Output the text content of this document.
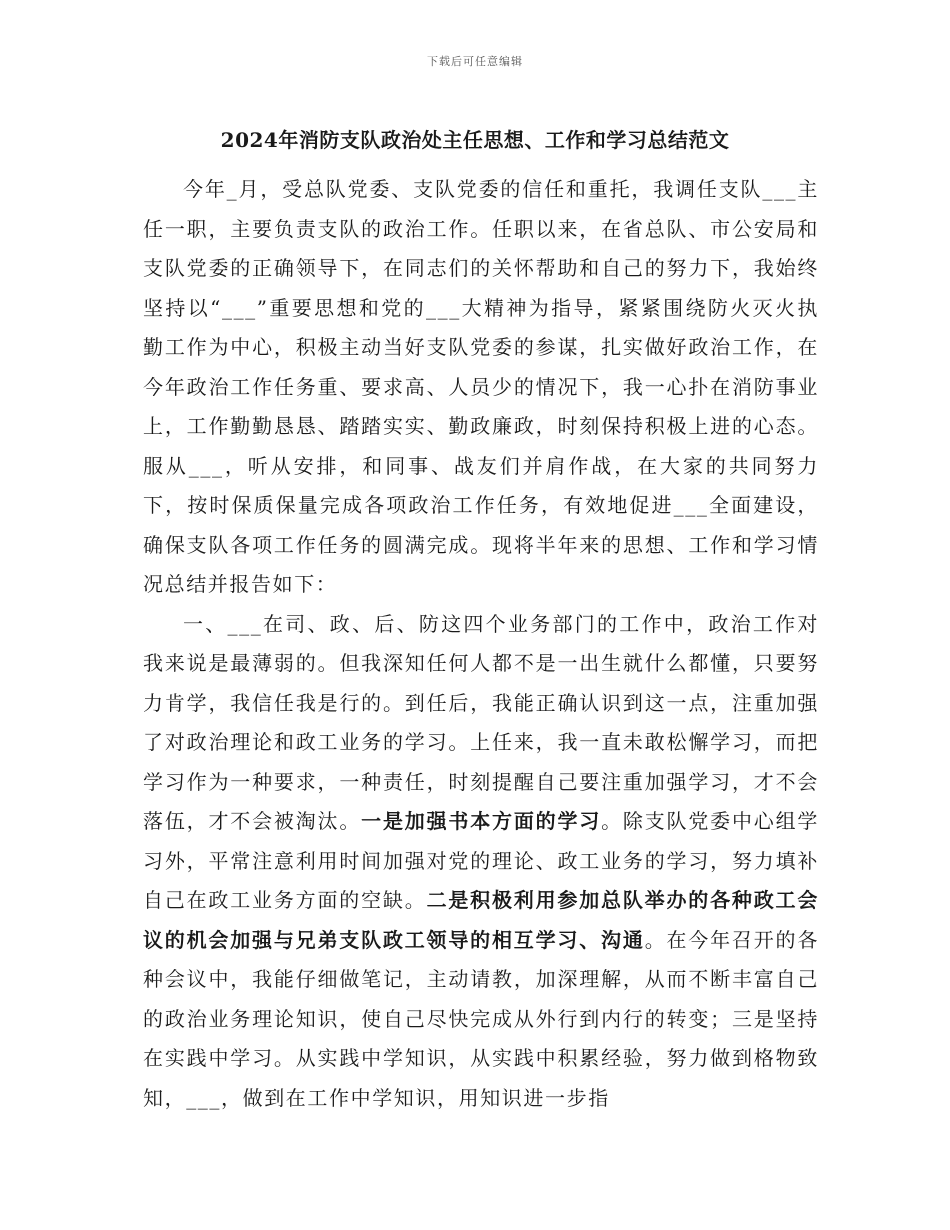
下载后可任意编辑
2024年消防支队政治处主任思想、工作和学习总结范文

今年_月，受总队党委、支队党委的信任和重托，我调任支队___主任一职，主要负责支队的政治工作。任职以来，在省总队、市公安局和支队党委的正确领导下，在同志们的关怀帮助和自己的努力下，我始终坚持以“___”重要思想和党的___大精神为指导，紧紧围绕防火灭火执勤工作为中心，积极主动当好支队党委的参谋，扎实做好政治工作，在今年政治工作任务重、要求高、人员少的情况下，我一心扑在消防事业上，工作勤勤恳恳、踏踏实实、勤政廉政，时刻保持积极上进的心态。服从___，听从安排，和同事、战友们并肩作战，在大家的共同努力下，按时保质保量完成各项政治工作任务，有效地促进___全面建设，确保支队各项工作任务的圆满完成。现将半年来的思想、工作和学习情况总结并报告如下：

一、___在司、政、后、防这四个业务部门的工作中，政治工作对我来说是最薄弱的。但我深知任何人都不是一出生就什么都懂，只要努力肯学，我信任我是行的。到任后，我能正确认识到这一点，注重加强了对政治理论和政工业务的学习。上任来，我一直未敢松懈学习，而把学习作为一种要求，一种责任，时刻提醒自己要注重加强学习，才不会落伍，才不会被淘汰。一是加强书本方面的学习。除支队党委中心组学习外，平常注意利用时间加强对党的理论、政工业务的学习，努力填补自己在政工业务方面的空缺。二是积极利用参加总队举办的各种政工会议的机会加强与兄弟支队政工领导的相互学习、沟通。在今年召开的各种会议中，我能仔细做笔记，主动请教，加深理解，从而不断丰富自己的政治业务理论知识，使自己尽快完成从外行到内行的转变；三是坚持在实践中学习。从实践中学知识，从实践中积累经验，努力做到格物致知，___，做到在工作中学知识，用知识进一步指
